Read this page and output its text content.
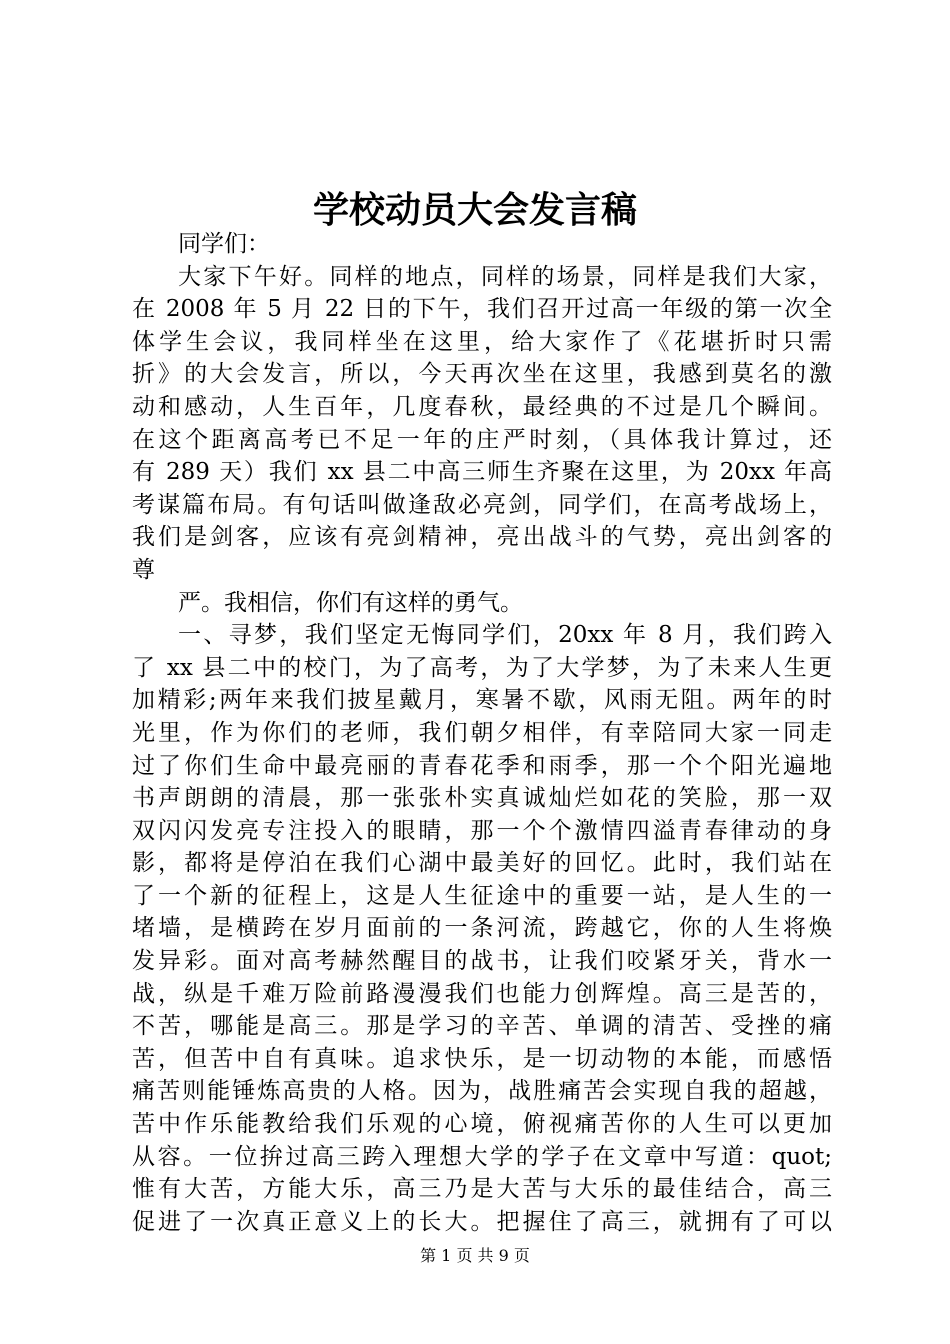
学校动员大会发言稿
同学们：
大家下午好。同样的地点，同样的场景，同样是我们大家，
在 2008 年 5 月 22 日的下午，我们召开过高一年级的第一次全
体学生会议，我同样坐在这里，给大家作了《花堪折时只需
折》的大会发言，所以，今天再次坐在这里，我感到莫名的激
动和感动，人生百年，几度春秋，最经典的不过是几个瞬间。
在这个距离高考已不足一年的庄严时刻，（具体我计算过，还
有 289 天）我们 xx 县二中高三师生齐聚在这里，为 20xx 年高
考谋篇布局。有句话叫做逢敌必亮剑，同学们，在高考战场上，
我们是剑客，应该有亮剑精神，亮出战斗的气势，亮出剑客的
尊
严。我相信，你们有这样的勇气。
一、寻梦，我们坚定无悔同学们，20xx 年 8 月，我们跨入
了 xx 县二中的校门，为了高考，为了大学梦，为了未来人生更
加精彩;两年来我们披星戴月，寒暑不歇，风雨无阻。两年的时
光里，作为你们的老师，我们朝夕相伴，有幸陪同大家一同走
过了你们生命中最亮丽的青春花季和雨季，那一个个阳光遍地
书声朗朗的清晨，那一张张朴实真诚灿烂如花的笑脸，那一双
双闪闪发亮专注投入的眼睛，那一个个激情四溢青春律动的身
影，都将是停泊在我们心湖中最美好的回忆。此时，我们站在
了一个新的征程上，这是人生征途中的重要一站，是人生的一
堵墙，是横跨在岁月面前的一条河流，跨越它，你的人生将焕
发异彩。面对高考赫然醒目的战书，让我们咬紧牙关，背水一
战，纵是千难万险前路漫漫我们也能力创辉煌。高三是苦的，
不苦，哪能是高三。那是学习的辛苦、单调的清苦、受挫的痛
苦，但苦中自有真味。追求快乐，是一切动物的本能，而感悟
痛苦则能锤炼高贵的人格。因为，战胜痛苦会实现自我的超越，
苦中作乐能教给我们乐观的心境，俯视痛苦你的人生可以更加
从容。一位拚过高三跨入理想大学的学子在文章中写道：quot;
惟有大苦，方能大乐，高三乃是大苦与大乐的最佳结合，高三
促进了一次真正意义上的长大。把握住了高三，就拥有了可以
第 1 页 共 9 页
